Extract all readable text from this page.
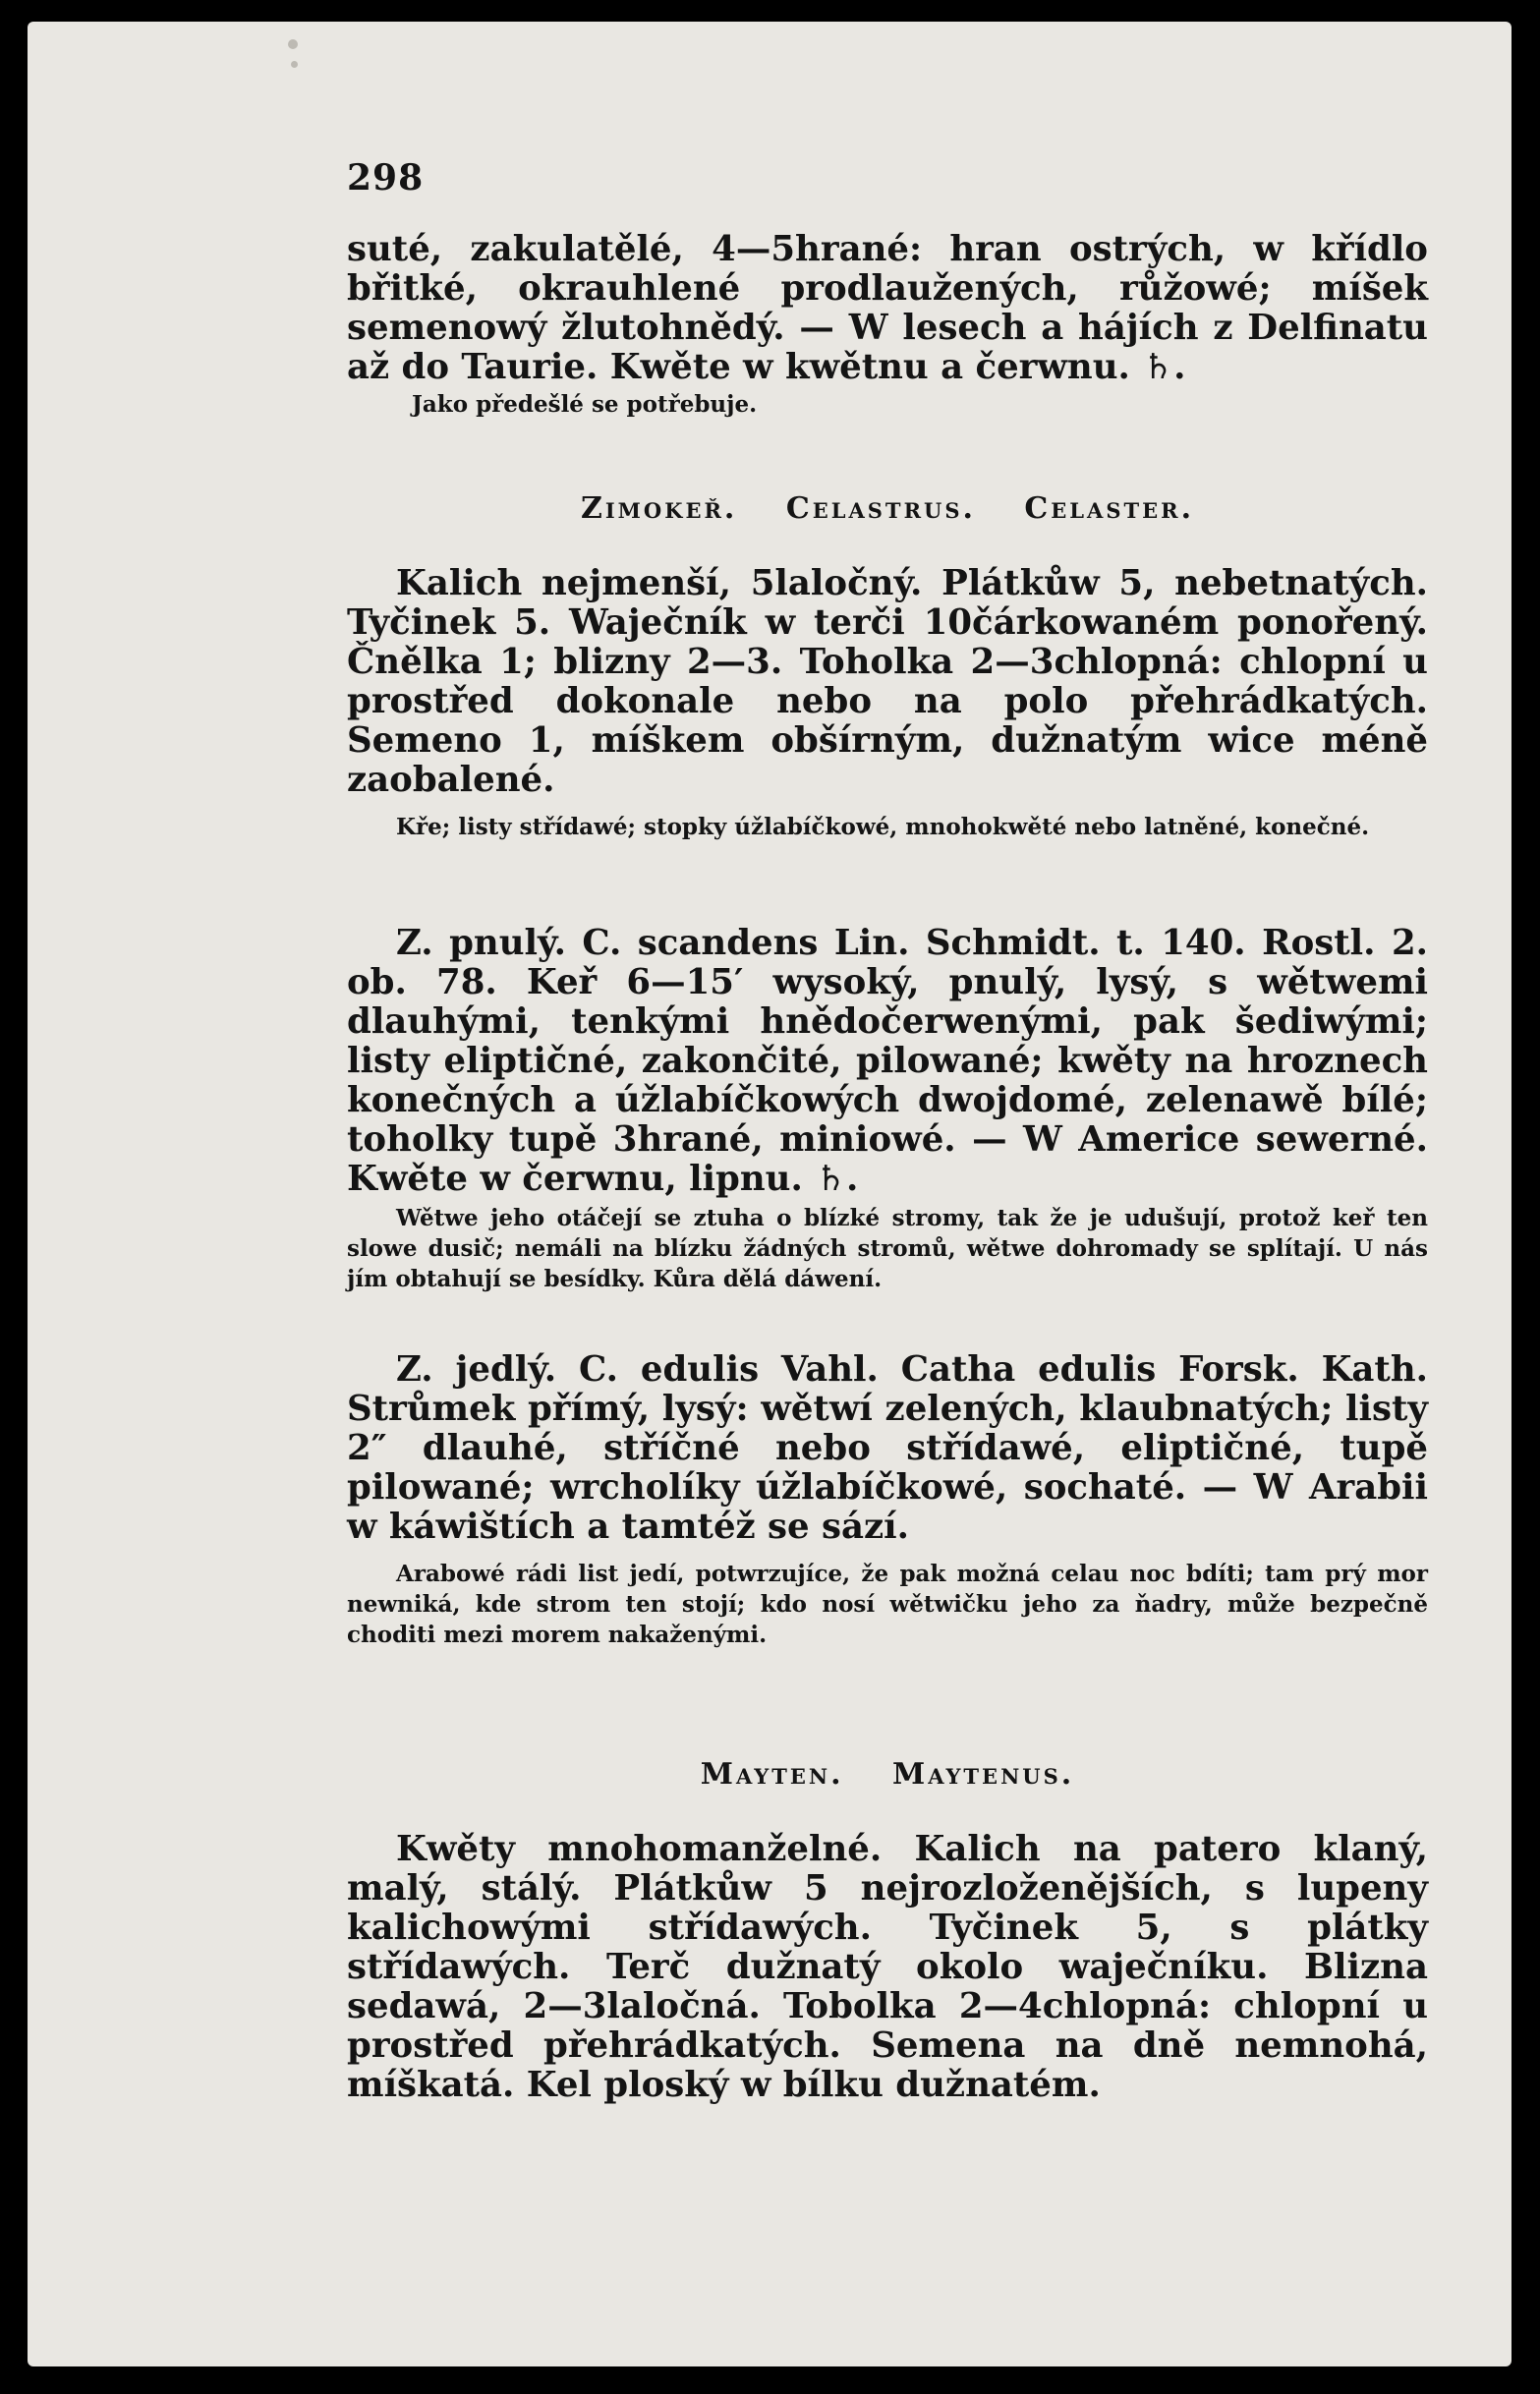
298

suté, zakulatělé, 4—5hrané: hran ostrých, w křídlo břitké, okrauhlené prodlaužených, růžowé; míšek semenowý žlutohnědý. — W lesech a hájích z Delfinatu až do Taurie. Kwěte w kwětnu a čerwnu. ♄.

Jako předešlé se potřebuje.

Zimokeř. Celastrus. Celaster.

Kalich nejmenší, 5laločný. Plátkůw 5, nebetnatých. Tyčinek 5. Waječník w terči 10čárkowaném ponořený. Čnělka 1; blizny 2—3. Toholka 2—3chlopná: chlopní u prostřed dokonale nebo na polo přehrádkatých. Semeno 1, míškem obšírným, dužnatým wice méně zaobalené.

Kře; listy střídawé; stopky úžlabíčkowé, mnohokwěté nebo latněné, konečné.

Z. pnulý. C. scandens Lin. Schmidt. t. 140. Rostl. 2. ob. 78. Keř 6—15′ wysoký, pnulý, lysý, s wětwemi dlauhými, tenkými hnědočerwenými, pak šediwými; listy eliptičné, zakončité, pilowané; kwěty na hroznech konečných a úžlabíčkowých dwojdomé, zelenawě bílé; toholky tupě 3hrané, miniowé. — W Americe sewerné. Kwěte w čerwnu, lipnu. ♄.

Wětwe jeho otáčejí se ztuha o blízké stromy, tak že je udušují, protož keř ten slowe dusič; nemáli na blízku žádných stromů, wětwe dohromady se splítají. U nás jím obtahují se besídky. Kůra dělá dáwení.

Z. jedlý. C. edulis Vahl. Catha edulis Forsk. Kath. Strůmek přímý, lysý: wětwí zelených, klaubnatých; listy 2″ dlauhé, stříčné nebo střídawé, eliptičné, tupě pilowané; wrcholíky úžlabíčkowé, sochaté. — W Arabii w káwištích a tamtéž se sází.

Arabowé rádi list jedí, potwrzujíce, že pak možná celau noc bdíti; tam prý mor newniká, kde strom ten stojí; kdo nosí wětwičku jeho za ňadry, může bezpečně choditi mezi morem nakaženými.

Mayten. Maytenus.

Kwěty mnohomanželné. Kalich na patero klaný, malý, stálý. Plátkůw 5 nejrozloženějších, s lupeny kalichowými střídawých. Tyčinek 5, s plátky střídawých. Terč dužnatý okolo waječníku. Blizna sedawá, 2—3laločná. Tobolka 2—4chlopná: chlopní u prostřed přehrádkatých. Semena na dně nemnohá, míškatá. Kel ploský w bílku dužnatém.
